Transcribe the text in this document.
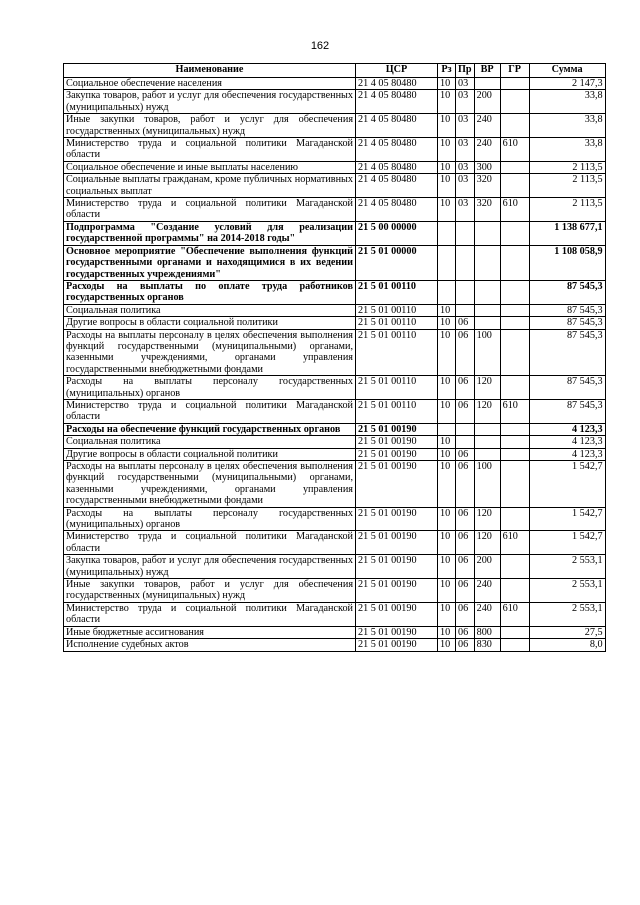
162
Наименование	ЦСР	Рз	Пр	ВР	ГР	Сумма
Социальное обеспечение населения	21 4 05 80480	10	03			2 147,3
Закупка товаров, работ и услуг для обеспечения государственных (муниципальных) нужд	21 4 05 80480	10	03	200		33,8
Иные закупки товаров, работ и услуг для обеспечения государственных (муниципальных) нужд	21 4 05 80480	10	03	240		33,8
Министерство труда и социальной политики Магаданской области	21 4 05 80480	10	03	240	610	33,8
Социальное обеспечение и иные выплаты населению	21 4 05 80480	10	03	300		2 113,5
Социальные выплаты гражданам, кроме публичных нормативных социальных выплат	21 4 05 80480	10	03	320		2 113,5
Министерство труда и социальной политики Магаданской области	21 4 05 80480	10	03	320	610	2 113,5
Подпрограмма "Создание условий для реализации государственной программы" на 2014-2018 годы"	21 5 00 00000					1 138 677,1
Основное мероприятие "Обеспечение выполнения функций государственными органами и находящимися в их ведении государственных учреждениями"	21 5 01 00000					1 108 058,9
Расходы на выплаты по оплате труда работников государственных органов	21 5 01 00110					87 545,3
Социальная политика	21 5 01 00110	10				87 545,3
Другие вопросы в области социальной политики	21 5 01 00110	10	06			87 545,3
Расходы на выплаты персоналу в целях обеспечения выполнения функций государственными (муниципальными) органами, казенными учреждениями, органами управления государственными внебюджетными фондами	21 5 01 00110	10	06	100		87 545,3
Расходы на выплаты персоналу государственных (муниципальных) органов	21 5 01 00110	10	06	120		87 545,3
Министерство труда и социальной политики Магаданской области	21 5 01 00110	10	06	120	610	87 545,3
Расходы на обеспечение функций государственных органов	21 5 01 00190					4 123,3
Социальная политика	21 5 01 00190	10				4 123,3
Другие вопросы в области социальной политики	21 5 01 00190	10	06			4 123,3
Расходы на выплаты персоналу в целях обеспечения выполнения функций государственными (муниципальными) органами, казенными учреждениями, органами управления государственными внебюджетными фондами	21 5 01 00190	10	06	100		1 542,7
Расходы на выплаты персоналу государственных (муниципальных) органов	21 5 01 00190	10	06	120		1 542,7
Министерство труда и социальной политики Магаданской области	21 5 01 00190	10	06	120	610	1 542,7
Закупка товаров, работ и услуг для обеспечения государственных (муниципальных) нужд	21 5 01 00190	10	06	200		2 553,1
Иные закупки товаров, работ и услуг для обеспечения государственных (муниципальных) нужд	21 5 01 00190	10	06	240		2 553,1
Министерство труда и социальной политики Магаданской области	21 5 01 00190	10	06	240	610	2 553,1
Иные бюджетные ассигнования	21 5 01 00190	10	06	800		27,5
Исполнение судебных актов	21 5 01 00190	10	06	830		8,0
